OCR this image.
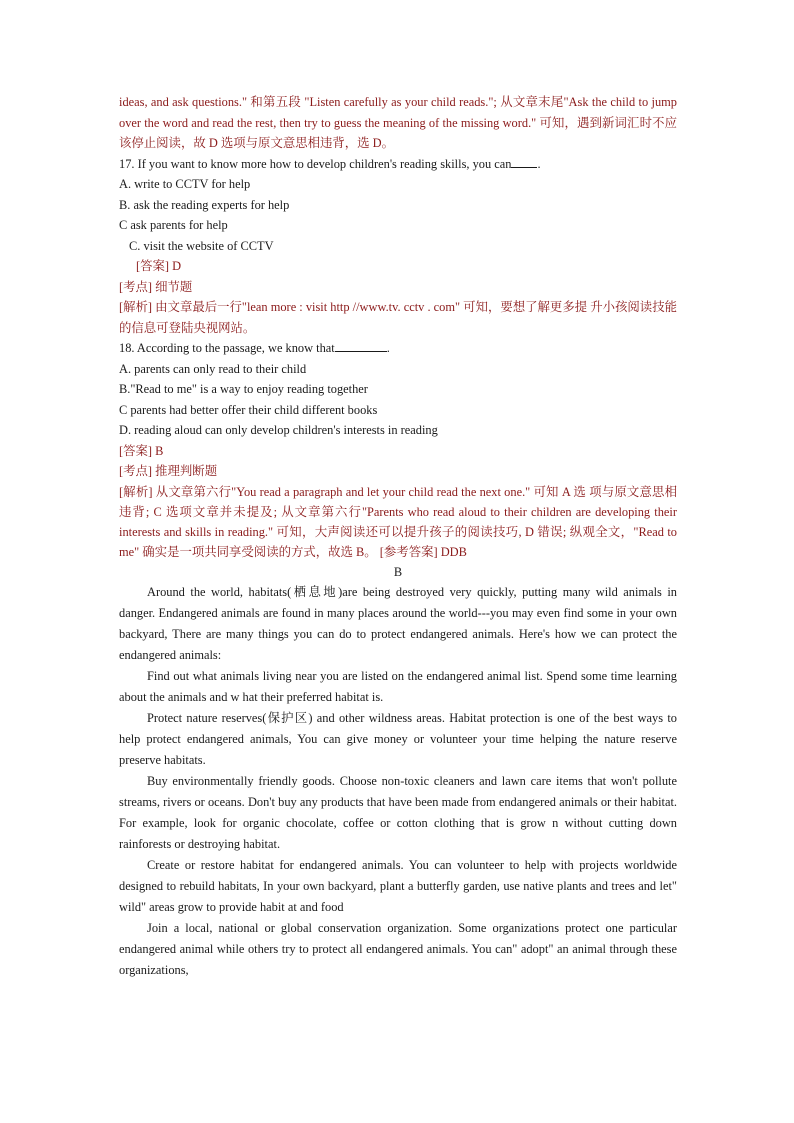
ideas, and ask questions." 和第五段 "Listen carefully as your child reads."; 从文章末尾"Ask the child to jump over the word and read the rest, then try to guess the meaning of the missing word." 可知，遇到新词汇时不应该停止阅读，故 D 选项与原文意思相违背，选 D。

17. If you want to know more how to develop children's reading skills, you can .

A. write to CCTV for help

B. ask the reading experts for help

C ask parents for help

C. visit the website of CCTV

[答案] D

[考点] 细节题

[解析] 由文章最后一行"lean more : visit http //www.tv. cctv . com" 可知，要想了解更多提 升小孩阅读技能的信息可登陆央视网站。

18. According to the passage, we know that	.

A. parents can only read to their child

B."Read to me" is a way to enjoy reading together

C parents had better offer their child different books

D. reading aloud can only develop children's interests in reading

[答案] B

[考点] 推理判断题

[解析] 从文章第六行"You read a paragraph and let your child read the next one." 可知 A 选 项与原文意思相违背; C 选项文章并未提及; 从文章第六行"Parents who read aloud to their children are developing their interests and skills in reading." 可知，大声阅读还可以提升孩子的阅读技巧, D 错误; 纵观全文，"Read to me" 确实是一项共同享受阅读的方式，故选 B。 [参考答案] DDB

B

Around the world, habitats(栖息地)are being destroyed very quickly, putting many wild animals in danger. Endangered animals are found in many places around the world---you may even find some in your own backyard, There are many things you can do to protect endangered animals. Here's how we can protect the endangered animals:

Find out what animals living near you are listed on the endangered animal list. Spend some time learning about the animals and w hat their preferred habitat is.

Protect nature reserves(保护区) and other wildness areas. Habitat protection is one of the best ways to help protect endangered animals, You can give money or volunteer your time helping the nature reserve preserve habitats.

Buy environmentally friendly goods. Choose non-toxic cleaners and lawn care items that won't pollute streams, rivers or oceans. Don't buy any products that have been made from endangered animals or their habitat. For example, look for organic chocolate, coffee or cotton clothing that is grow n without cutting down rainforests or destroying habitat.

Create or restore habitat for endangered animals. You can volunteer to help with projects worldwide designed to rebuild habitats, In your own backyard, plant a butterfly garden, use native plants and trees and let" wild" areas grow to provide habit at and food

Join a local, national or global conservation organization. Some organizations protect one particular endangered animal while others try to protect all endangered animals. You can" adopt" an animal through these organizations,
